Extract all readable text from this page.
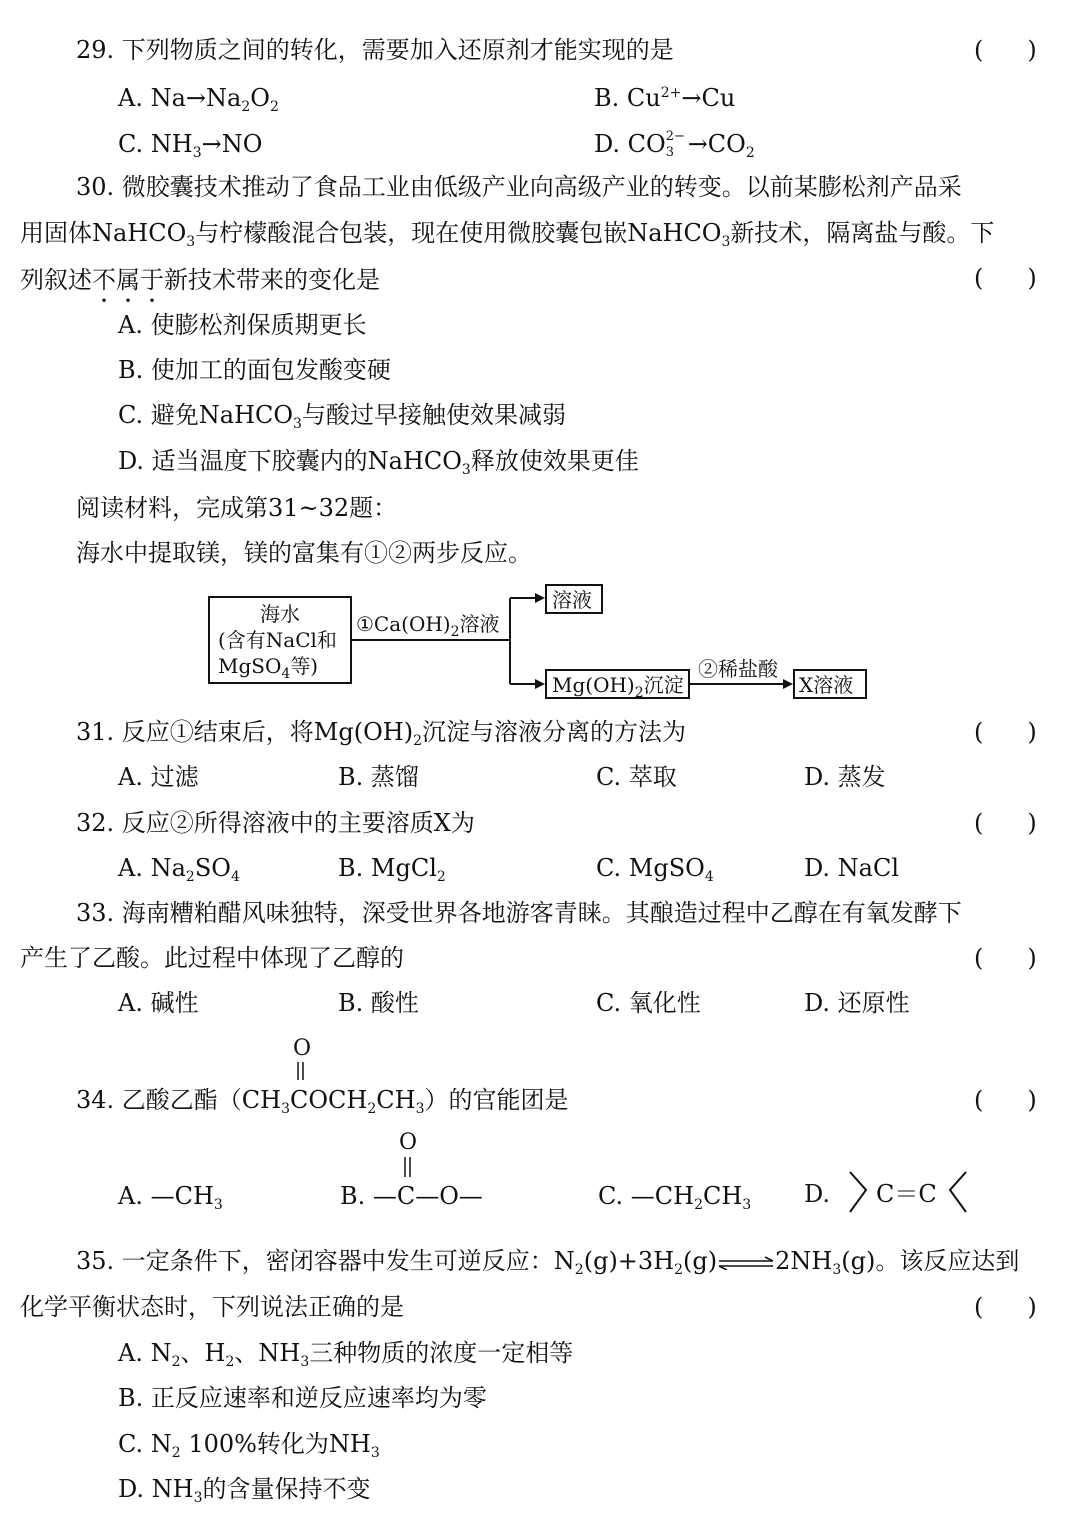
29. 下列物质之间的转化，需要加入还原剂才能实现的是	( )
A. $Na\to Na_2O_2$	B. $Cu^{2+}\to Cu$
C. $NH_3\to NO$	D. CO 2−
$3 \to CO_2$
30. 微胶囊技术推动了食品工业由低级产业向高级产业的转变。以前某膨松剂产品采
用固体NaHCO$_3$与柠檬酸混合包装，现在使用微胶囊包嵌NaHCO$_3$新技术，隔离盐与酸。下
列叙述不属于新技术带来的变化是	( )
A. 使膨松剂保质期更长
B. 使加工的面包发酸变硬
C. 避免NaHCO$_3$与酸过早接触使效果减弱
D. 适当温度下胶囊内的NaHCO$_3$释放使效果更佳
阅读材料，完成第31~32题：
海水中提取镁，镁的富集有①②两步反应。
海水
(含有NaCl和
MgSO$_4$等)
$①Ca(OH)_2$溶液
溶液
$Mg(OH)_2$沉淀
②稀盐酸
X溶液
31. 反应①结束后，将$Mg(OH)_2$沉淀与溶液分离的方法为	( )
A. 过滤	B. 蒸馏	C. 萃取	D. 蒸发
32. 反应②所得溶液中的主要溶质X为	( )
A. $Na_2SO_4$	B. MgCl$_2$	C. MgSO$_4$	D. NaCl
33. 海南糟粕醋风味独特，深受世界各地游客青睐。其酿造过程中乙醇在有氧发酵下
产生了乙酸。此过程中体现了乙醇的	( )
A. 碱性	B. 酸性	C. 氧化性	D. 还原性
O
34. 乙酸乙酯$(CH_3COCH_2CH_3)$的官能团是	( )
A. $—CH_3$
O
B. —C—O—	C. $—CH_2CH_3$ D. C＝C
35. 一定条件下，密闭容器中发生可逆反应：$N_2(g)+3H_2(g)\rightleftharpoons 2NH_3(g)$。该反应达到
化学平衡状态时，下列说法正确的是	( )
A. $N_2$、$H_2$、$NH_3$三种物质的浓度一定相等
B. 正反应速率和逆反应速率均为零
C. $N_2$ 100%转化为$NH_3$
D. $NH_3$的含量保持不变
